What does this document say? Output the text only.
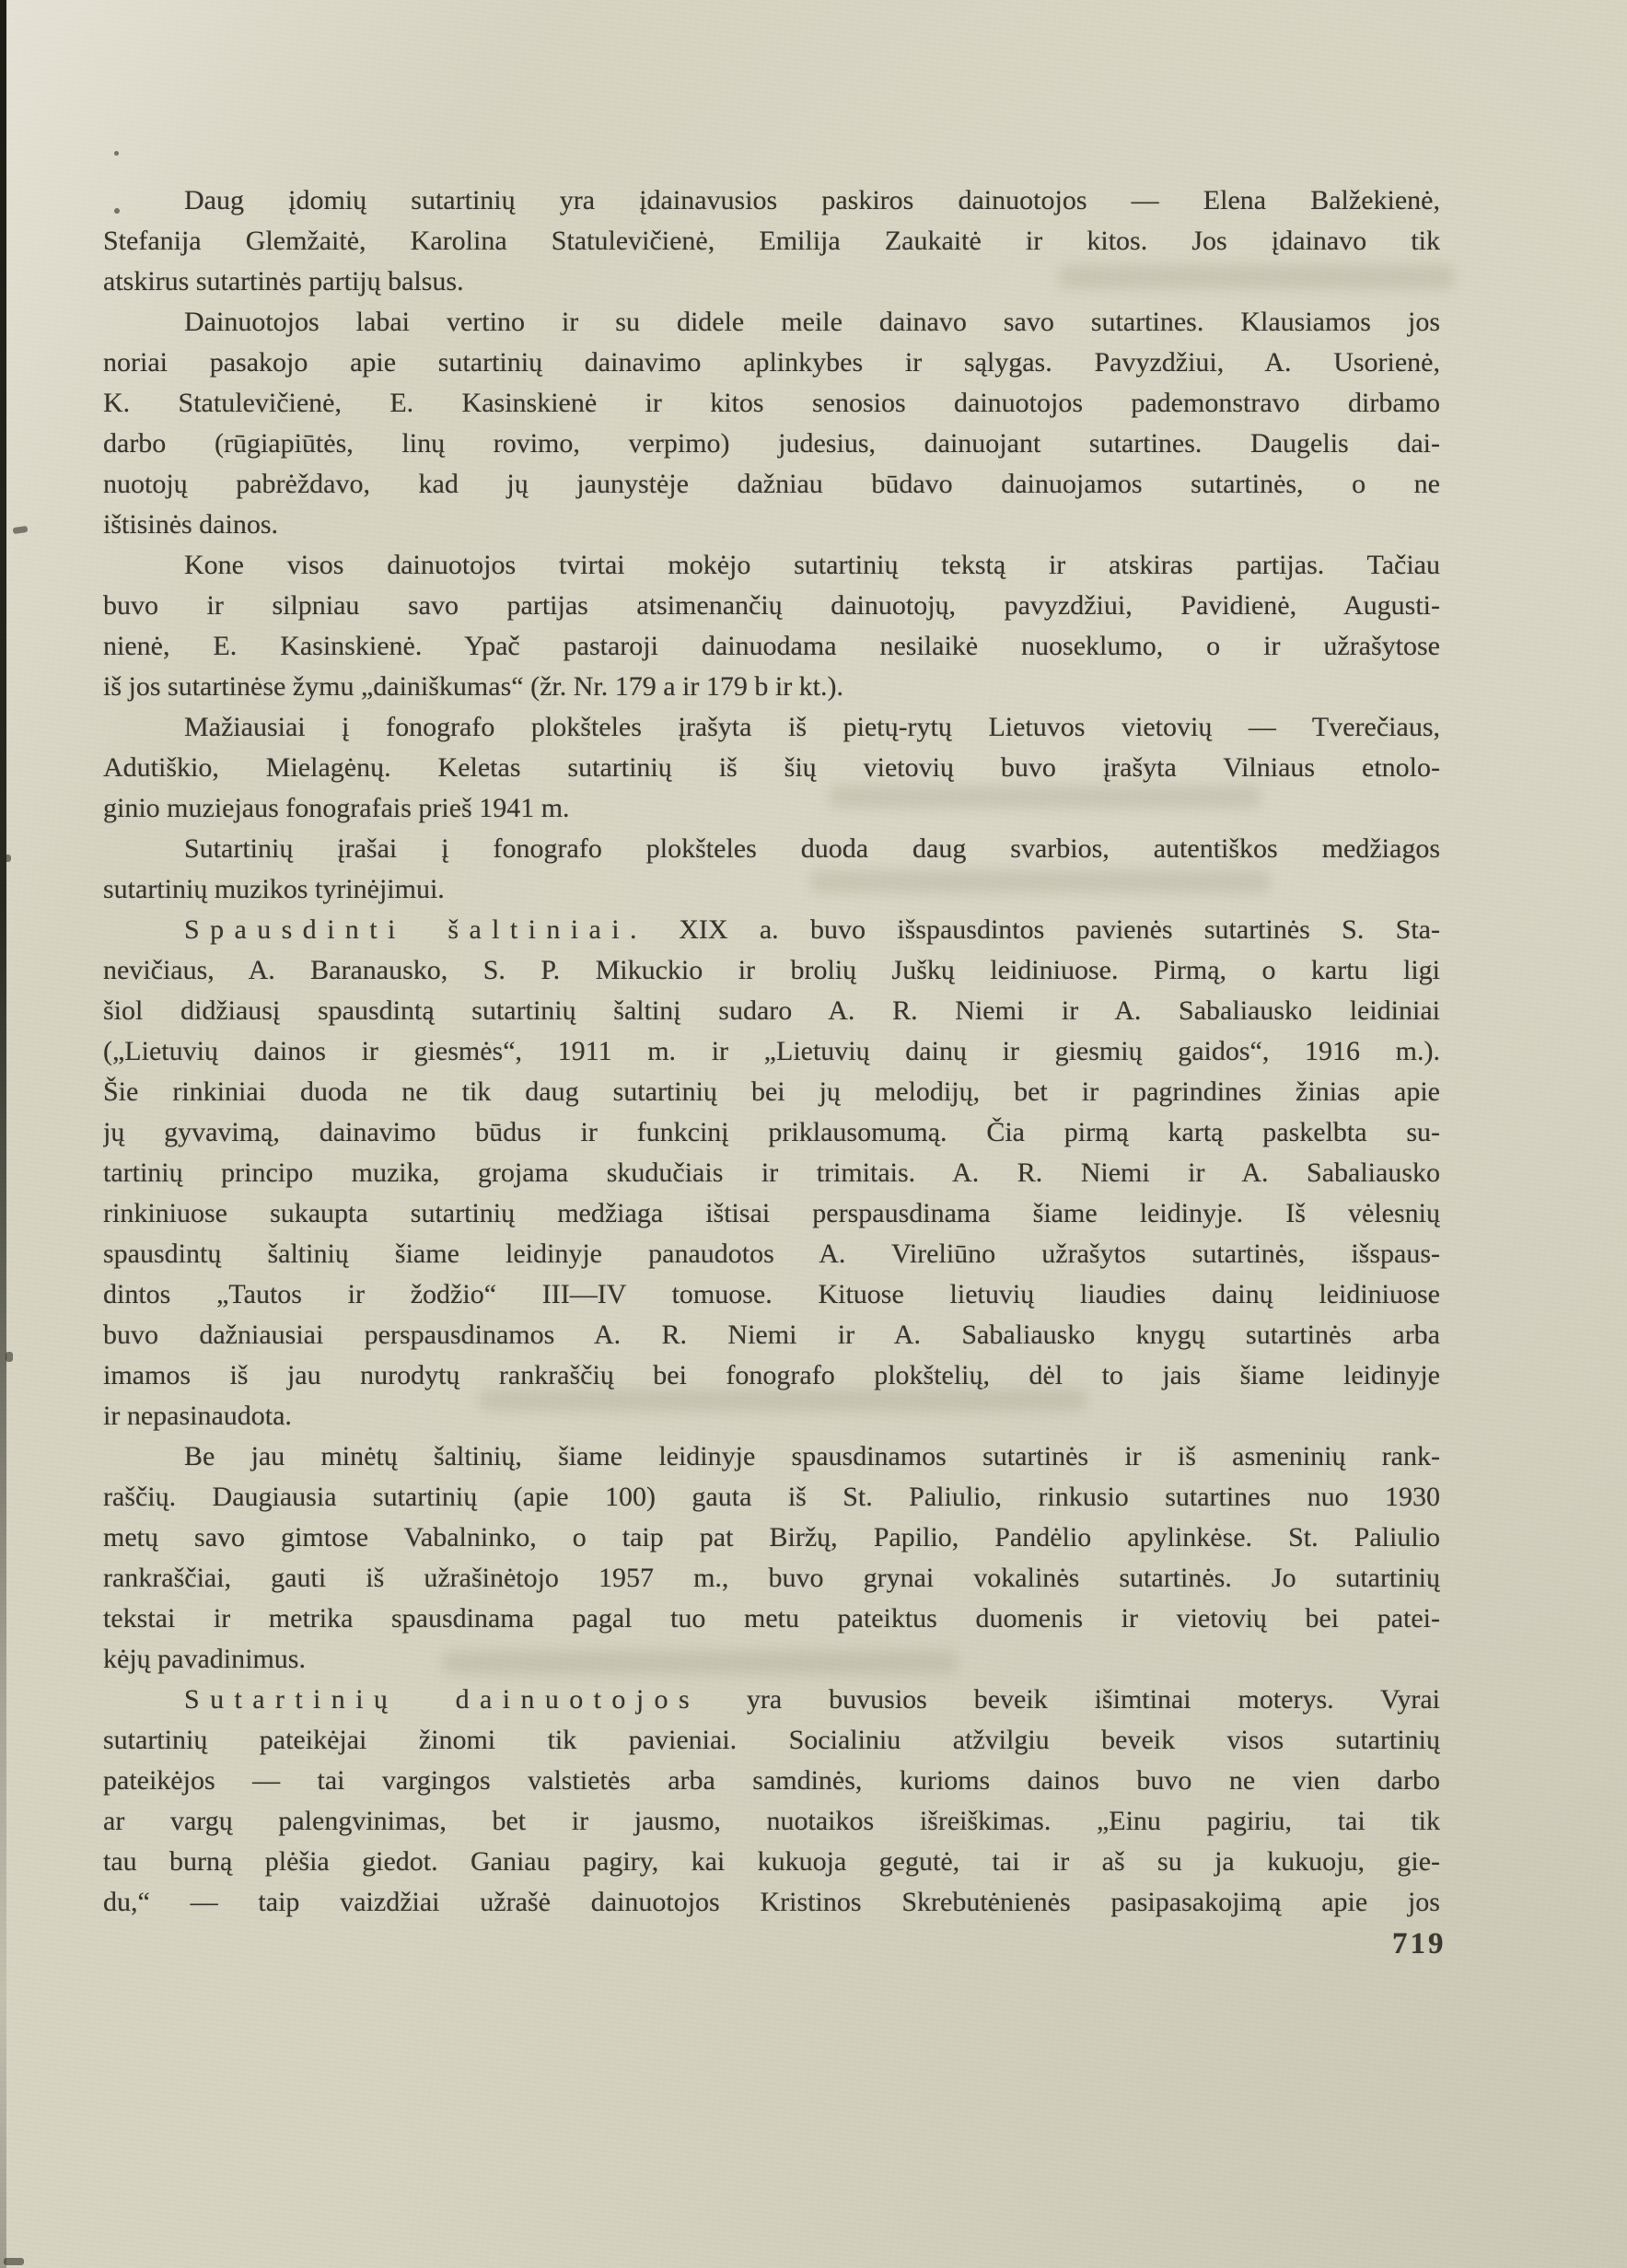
Daug įdomių sutartinių yra įdainavusios paskiros dainuotojos — Elena Balžekienė,
Stefanija Glemžaitė, Karolina Statulevičienė, Emilija Zaukaitė ir kitos. Jos įdainavo tik
atskirus sutartinės partijų balsus.
Dainuotojos labai vertino ir su didele meile dainavo savo sutartines. Klausiamos jos
noriai pasakojo apie sutartinių dainavimo aplinkybes ir sąlygas. Pavyzdžiui, A. Usorienė,
K. Statulevičienė, E. Kasinskienė ir kitos senosios dainuotojos pademonstravo dirbamo
darbo (rūgiapiūtės, linų rovimo, verpimo) judesius, dainuojant sutartines. Daugelis dai-
nuotojų pabrėždavo, kad jų jaunystėje dažniau būdavo dainuojamos sutartinės, o ne
ištisinės dainos.
Kone visos dainuotojos tvirtai mokėjo sutartinių tekstą ir atskiras partijas. Tačiau
buvo ir silpniau savo partijas atsimenančių dainuotojų, pavyzdžiui, Pavidienė, Augusti-
nienė, E. Kasinskienė. Ypač pastaroji dainuodama nesilaikė nuoseklumo, o ir užrašytose
iš jos sutartinėse žymu „dainiškumas“ (žr. Nr. 179 a ir 179 b ir kt.).
Mažiausiai į fonografo plokšteles įrašyta iš pietų-rytų Lietuvos vietovių — Tverečiaus,
Adutiškio, Mielagėnų. Keletas sutartinių iš šių vietovių buvo įrašyta Vilniaus etnolo-
ginio muziejaus fonografais prieš 1941 m.
Sutartinių įrašai į fonografo plokšteles duoda daug svarbios, autentiškos medžiagos
sutartinių muzikos tyrinėjimui.
Spausdinti šaltiniai. XIX a. buvo išspausdintos pavienės sutartinės S. Sta-
nevičiaus, A. Baranausko, S. P. Mikuckio ir brolių Juškų leidiniuose. Pirmą, o kartu ligi
šiol didžiausį spausdintą sutartinių šaltinį sudaro A. R. Niemi ir A. Sabaliausko leidiniai
(„Lietuvių dainos ir giesmės“, 1911 m. ir „Lietuvių dainų ir giesmių gaidos“, 1916 m.).
Šie rinkiniai duoda ne tik daug sutartinių bei jų melodijų, bet ir pagrindines žinias apie
jų gyvavimą, dainavimo būdus ir funkcinį priklausomumą. Čia pirmą kartą paskelbta su-
tartinių principo muzika, grojama skudučiais ir trimitais. A. R. Niemi ir A. Sabaliausko
rinkiniuose sukaupta sutartinių medžiaga ištisai perspausdinama šiame leidinyje. Iš vėlesnių
spausdintų šaltinių šiame leidinyje panaudotos A. Vireliūno užrašytos sutartinės, išspaus-
dintos „Tautos ir žodžio“ III—IV tomuose. Kituose lietuvių liaudies dainų leidiniuose
buvo dažniausiai perspausdinamos A. R. Niemi ir A. Sabaliausko knygų sutartinės arba
imamos iš jau nurodytų rankraščių bei fonografo plokštelių, dėl to jais šiame leidinyje
ir nepasinaudota.
Be jau minėtų šaltinių, šiame leidinyje spausdinamos sutartinės ir iš asmeninių rank-
raščių. Daugiausia sutartinių (apie 100) gauta iš St. Paliulio, rinkusio sutartines nuo 1930
metų savo gimtose Vabalninko, o taip pat Biržų, Papilio, Pandėlio apylinkėse. St. Paliulio
rankraščiai, gauti iš užrašinėtojo 1957 m., buvo grynai vokalinės sutartinės. Jo sutartinių
tekstai ir metrika spausdinama pagal tuo metu pateiktus duomenis ir vietovių bei patei-
kėjų pavadinimus.
Sutartinių dainuotojos yra buvusios beveik išimtinai moterys. Vyrai
sutartinių pateikėjai žinomi tik pavieniai. Socialiniu atžvilgiu beveik visos sutartinių
pateikėjos — tai vargingos valstietės arba samdinės, kurioms dainos buvo ne vien darbo
ar vargų palengvinimas, bet ir jausmo, nuotaikos išreiškimas. „Einu pagiriu, tai tik
tau burną plėšia giedot. Ganiau pagiry, kai kukuoja gegutė, tai ir aš su ja kukuoju, gie-
du,“ — taip vaizdžiai užrašė dainuotojos Kristinos Skrebutėnienės pasipasakojimą apie jos
719
